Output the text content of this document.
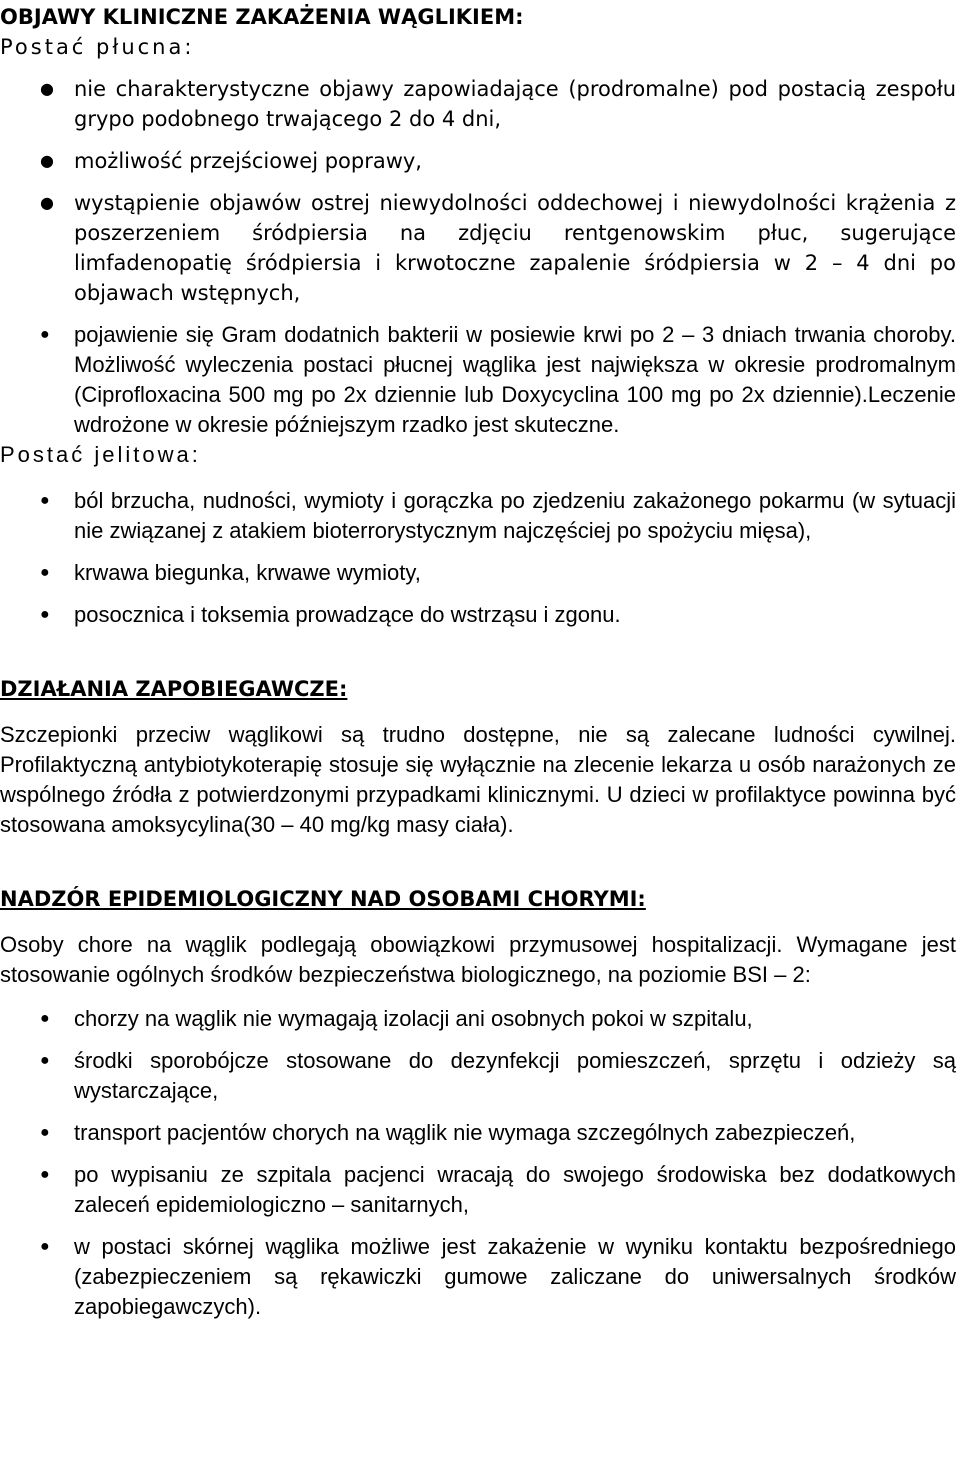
OBJAWY KLINICZNE ZAKAŻENIA WĄGLIKIEM:
Postać płucna:
● nie charakterystyczne objawy zapowiadające (prodromalne) pod postacią zespołu grypo podobnego trwającego 2 do 4 dni,
● możliwość przejściowej poprawy,
● wystąpienie objawów ostrej niewydolności oddechowej i niewydolności krążenia z poszerzeniem śródpiersia na zdjęciu rentgenowskim płuc, sugerujące limfadenopatię śródpiersia i krwotoczne zapalenie śródpiersia w 2 – 4 dni po objawach wstępnych,
● pojawienie się Gram dodatnich bakterii w posiewie krwi po 2 – 3 dniach trwania choroby. Możliwość wyleczenia postaci płucnej wąglika jest największa w okresie prodromalnym (Ciprofloxacina 500 mg po 2x dziennie lub Doxycyclina 100 mg po 2x dziennie).Leczenie wdrożone w okresie późniejszym rzadko jest skuteczne.
Postać jelitowa:
● ból brzucha, nudności, wymioty i gorączka po zjedzeniu zakażonego pokarmu (w sytuacji nie związanej z atakiem bioterrorystycznym najczęściej po spożyciu mięsa),
● krwawa biegunka, krwawe wymioty,
● posocznica i toksemia prowadzące do wstrząsu i zgonu.
DZIAŁANIA ZAPOBIEGAWCZE:

Szczepionki przeciw wąglikowi są trudno dostępne, nie są zalecane ludności cywilnej. Profilaktyczną antybiotykoterapię stosuje się wyłącznie na zlecenie lekarza u osób narażonych ze wspólnego źródła z potwierdzonymi przypadkami klinicznymi. U dzieci w profilaktyce powinna być stosowana amoksycylina(30 – 40 mg/kg masy ciała).

NADZÓR EPIDEMIOLOGICZNY NAD OSOBAMI CHORYMI:

Osoby chore na wąglik podlegają obowiązkowi przymusowej hospitalizacji. Wymagane jest stosowanie ogólnych środków bezpieczeństwa biologicznego, na poziomie BSI – 2:

● chorzy na wąglik nie wymagają izolacji ani osobnych pokoi w szpitalu,
● środki sporobójcze stosowane do dezynfekcji pomieszczeń, sprzętu i odzieży są wystarczające,
● transport pacjentów chorych na wąglik nie wymaga szczególnych zabezpieczeń,
● po wypisaniu ze szpitala pacjenci wracają do swojego środowiska bez dodatkowych zaleceń epidemiologiczno – sanitarnych,
● w postaci skórnej wąglika możliwe jest zakażenie w wyniku kontaktu bezpośredniego (zabezpieczeniem są rękawiczki gumowe zaliczane do uniwersalnych środków zapobiegawczych).
